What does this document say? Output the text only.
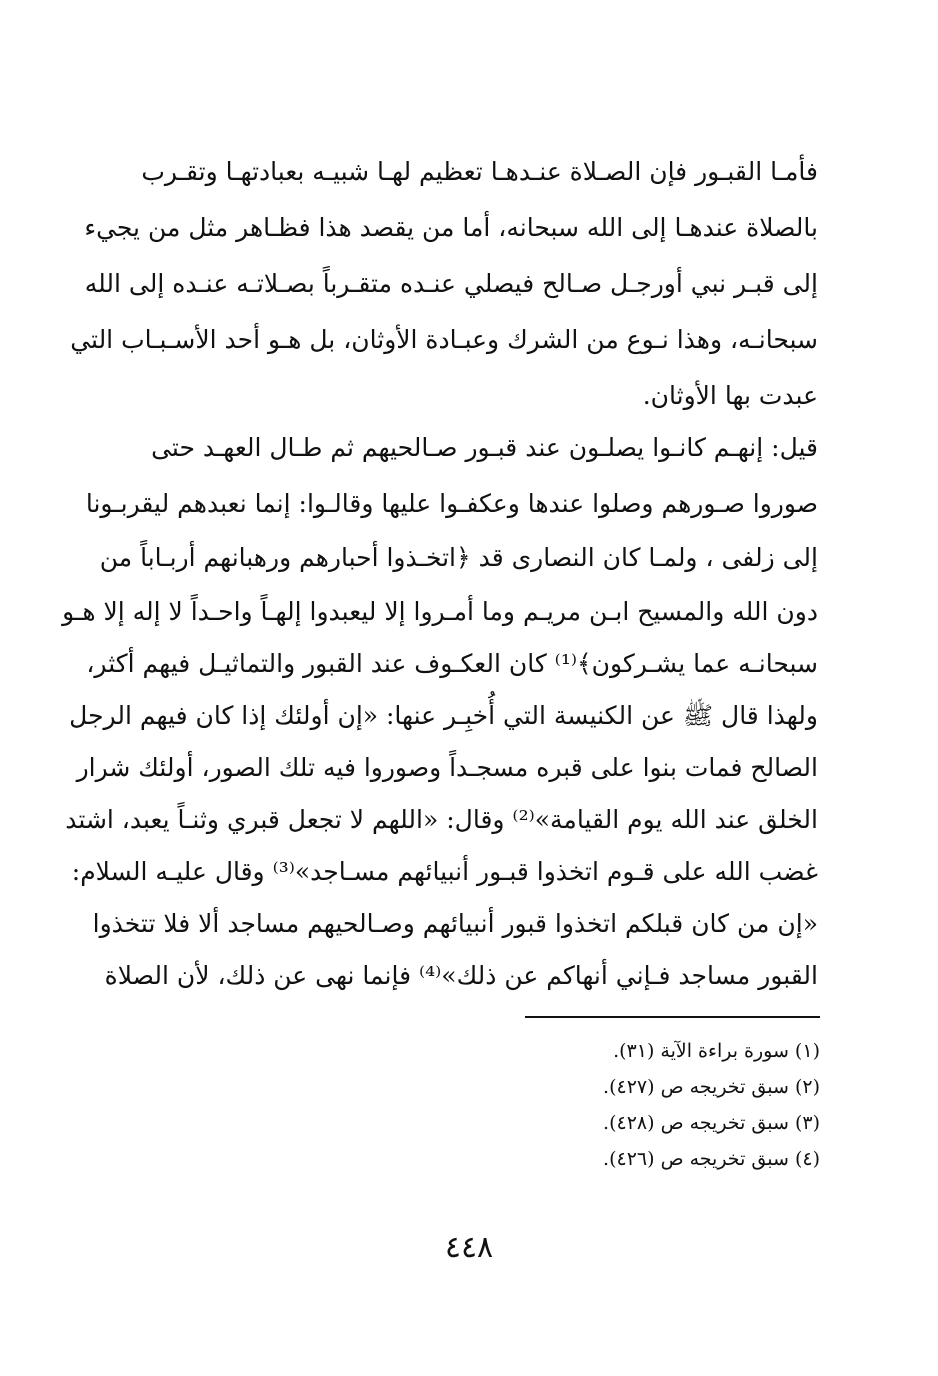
فأمـا القبـور فإن الصـلاة عنـدهـا تعظيم لهـا شبيـه بعبادتهـا وتقـرب
بالصلاة عندهـا إلى الله سبحانه، أما من يقصد هذا فظـاهر مثل من يجيء
إلى قبـر نبي أورجـل صـالح فيصلي عنـده متقـرباً بصـلاتـه عنـده إلى الله
سبحانـه، وهذا نـوع من الشرك وعبـادة الأوثان، بل هـو أحد الأسـبـاب التي
عبدت بها الأوثان.
قيل: إنهـم كانـوا يصلـون عند قبـور صـالحيهم ثم طـال العهـد حتى
صوروا صـورهم وصلوا عندها وعكفـوا عليها وقالـوا: إنما نعبدهم ليقربـونا
إلى زلفى ، ولمـا كان النصارى قد ﴿اتخـذوا أحبارهم ورهبانهم أربـاباً من
دون الله والمسيح ابـن مريـم وما أمـروا إلا ليعبدوا إلهـاً واحـداً لا إله إلا هـو
سبحانـه عما يشـركون﴾⁽¹⁾ كان العكـوف عند القبور والتماثيـل فيهم أكثر،
ولهذا قال ﷺ عن الكنيسة التي أُخبِـر عنها: «إن أولئك إذا كان فيهم الرجل
الصالح فمات بنوا على قبره مسجـداً وصوروا فيه تلك الصور، أولئك شرار
الخلق عند الله يوم القيامة»⁽²⁾ وقال: «اللهم لا تجعل قبري وثنـاً يعبد، اشتد
غضب الله على قـوم اتخذوا قبـور أنبيائهم مسـاجد»⁽³⁾ وقال عليـه السلام:
«إن من كان قبلكم اتخذوا قبور أنبيائهم وصـالحيهم مساجد ألا فلا تتخذوا
القبور مساجد فـإني أنهاكم عن ذلك»⁽⁴⁾ فإنما نهى عن ذلك، لأن الصلاة
(١) سورة براءة الآية (٣١).
(٢) سبق تخريجه ص (٤٢٧).
(٣) سبق تخريجه ص (٤٢٨).
(٤) سبق تخريجه ص (٤٢٦).
٤٤٨
